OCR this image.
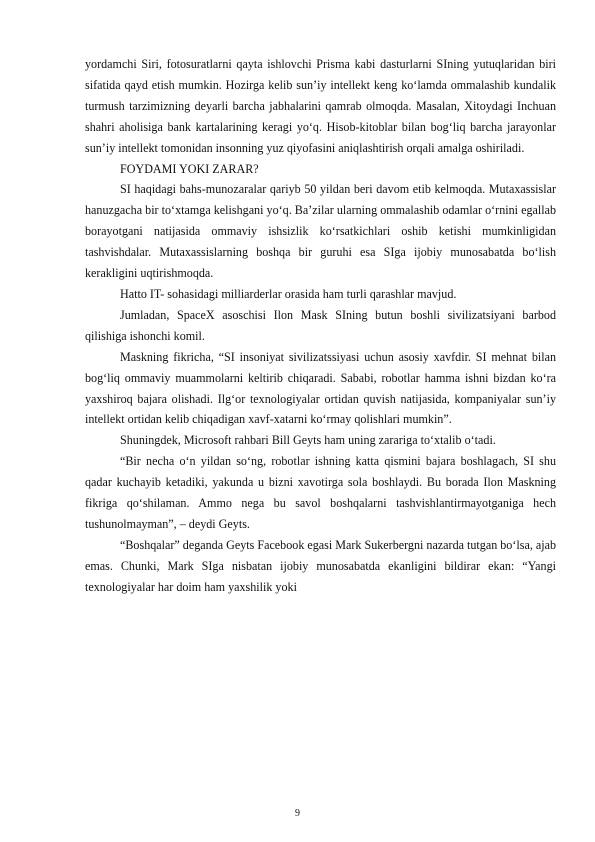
yordamchi Siri, fotosuratlarni qayta ishlovchi Prisma kabi dasturlarni SIning yutuqlaridan biri sifatida qayd etish mumkin. Hozirga kelib sun’iy intellekt keng ko‘lamda ommalashib kundalik turmush tarzimizning deyarli barcha jabhalarini qamrab olmoqda. Masalan, Xitoydagi Inchuan shahri aholisiga bank kartalarining keragi yo‘q. Hisob-kitoblar bilan bog‘liq barcha jarayonlar sun’iy intellekt tomonidan insonning yuz qiyofasini aniqlashtirish orqali amalga oshiriladi.

FOYDAMI YOKI ZARAR?

SI haqidagi bahs-munozaralar qariyb 50 yildan beri davom etib kelmoqda. Mutaxassislar hanuzgacha bir to‘xtamga kelishgani yo‘q. Ba’zilar ularning ommalashib odamlar o‘rnini egallab borayotgani natijasida ommaviy ishsizlik ko‘rsatkichlari oshib ketishi mumkinligidan tashvishdalar. Mutaxassislarning boshqa bir guruhi esa SIga ijobiy munosabatda bo‘lish kerakligini uqtirishmoqda.

Hatto IT- sohasidagi milliarderlar orasida ham turli qarashlar mavjud.

Jumladan, SpaceX asoschisi Ilon Mask SIning butun boshli sivilizatsiyani barbod qilishiga ishonchi komil.

Maskning fikricha, “SI insoniyat sivilizatssiyasi uchun asosiy xavfdir. SI mehnat bilan bog‘liq ommaviy muammolarni keltirib chiqaradi. Sababi, robotlar hamma ishni bizdan ko‘ra yaxshiroq bajara olishadi. Ilg‘or texnologiyalar ortidan quvish natijasida, kompaniyalar sun’iy intellekt ortidan kelib chiqadigan xavf-xatarni ko‘rmay qolishlari mumkin”.

Shuningdek, Microsoft rahbari Bill Geyts ham uning zarariga to‘xtalib o‘tadi.

“Bir necha o‘n yildan so‘ng, robotlar ishning katta qismini bajara boshlagach, SI shu qadar kuchayib ketadiki, yakunda u bizni xavotirga sola boshlaydi. Bu borada Ilon Maskning fikriga qo‘shilaman. Ammo nega bu savol boshqalarni tashvishlantirmayotganiga hech tushunolmayman”, – deydi Geyts.

“Boshqalar” deganda Geyts Facebook egasi Mark Sukerbergni nazarda tutgan bo‘lsa, ajab emas. Chunki, Mark SIga nisbatan ijobiy munosabatda ekanligini bildirar ekan: “Yangi texnologiyalar har doim ham yaxshilik yoki

9
